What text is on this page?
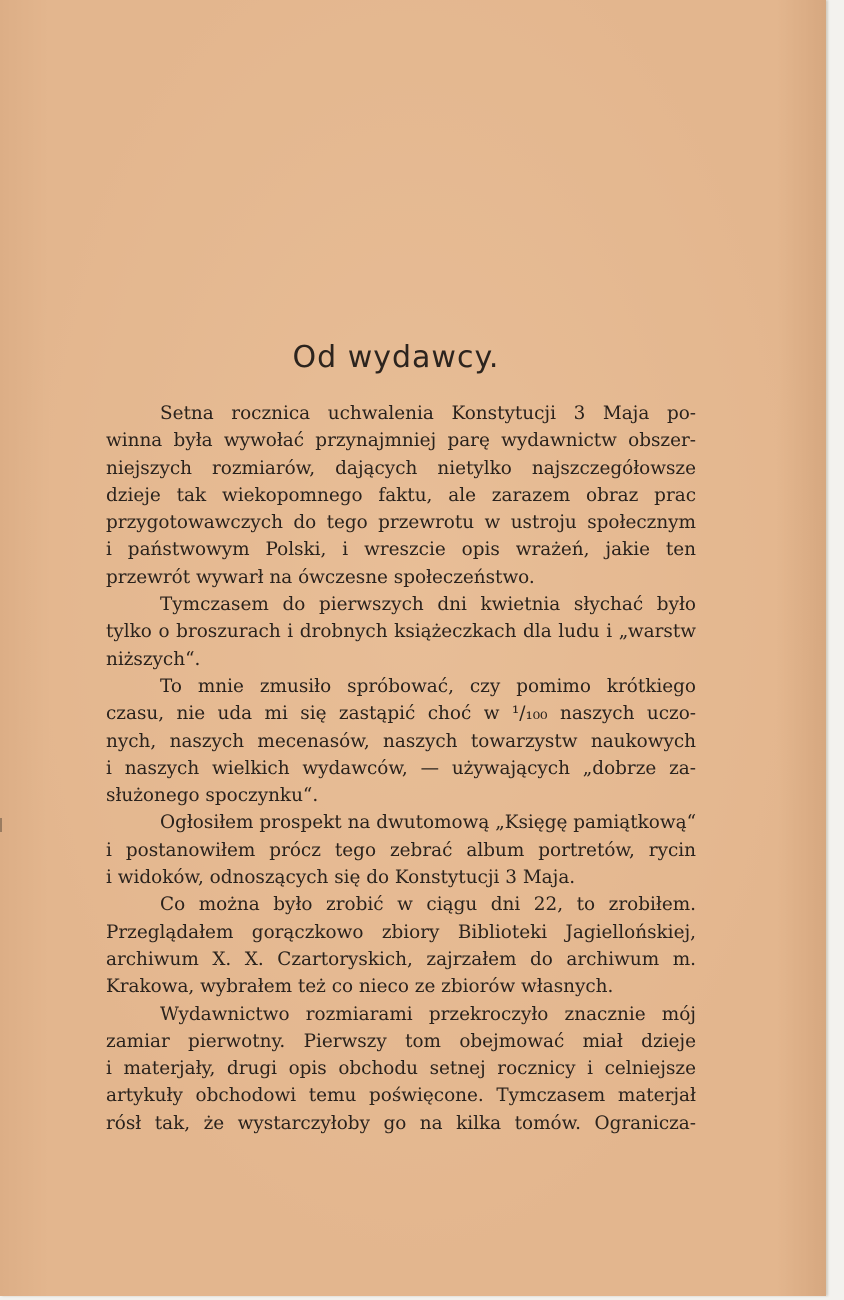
Od wydawcy.
Setna rocznica uchwalenia Konstytucji 3 Maja po-
winna była wywołać przynajmniej parę wydawnictw obszer-
niejszych rozmiarów, dających nietylko najszczegółowsze
dzieje tak wiekopomnego faktu, ale zarazem obraz prac
przygotowawczych do tego przewrotu w ustroju społecznym
i państwowym Polski, i wreszcie opis wrażeń, jakie ten
przewrót wywarł na ówczesne społeczeństwo.
Tymczasem do pierwszych dni kwietnia słychać było
tylko o broszurach i drobnych książeczkach dla ludu i „warstw
niższych“.
To mnie zmusiło spróbować, czy pomimo krótkiego
czasu, nie uda mi się zastąpić choć w ¹/₁₀₀ naszych uczo-
nych, naszych mecenasów, naszych towarzystw naukowych
i naszych wielkich wydawców, — używających „dobrze za-
służonego spoczynku“.
Ogłosiłem prospekt na dwutomową „Księgę pamiątkową“
i postanowiłem prócz tego zebrać album portretów, rycin
i widoków, odnoszących się do Konstytucji 3 Maja.
Co można było zrobić w ciągu dni 22, to zrobiłem.
Przeglądałem gorączkowo zbiory Biblioteki Jagiellońskiej,
archiwum X. X. Czartoryskich, zajrzałem do archiwum m.
Krakowa, wybrałem też co nieco ze zbiorów własnych.
Wydawnictwo rozmiarami przekroczyło znacznie mój
zamiar pierwotny. Pierwszy tom obejmować miał dzieje
i materjały, drugi opis obchodu setnej rocznicy i celniejsze
artykuły obchodowi temu poświęcone. Tymczasem materjał
rósł tak, że wystarczyłoby go na kilka tomów. Ogranicza-
